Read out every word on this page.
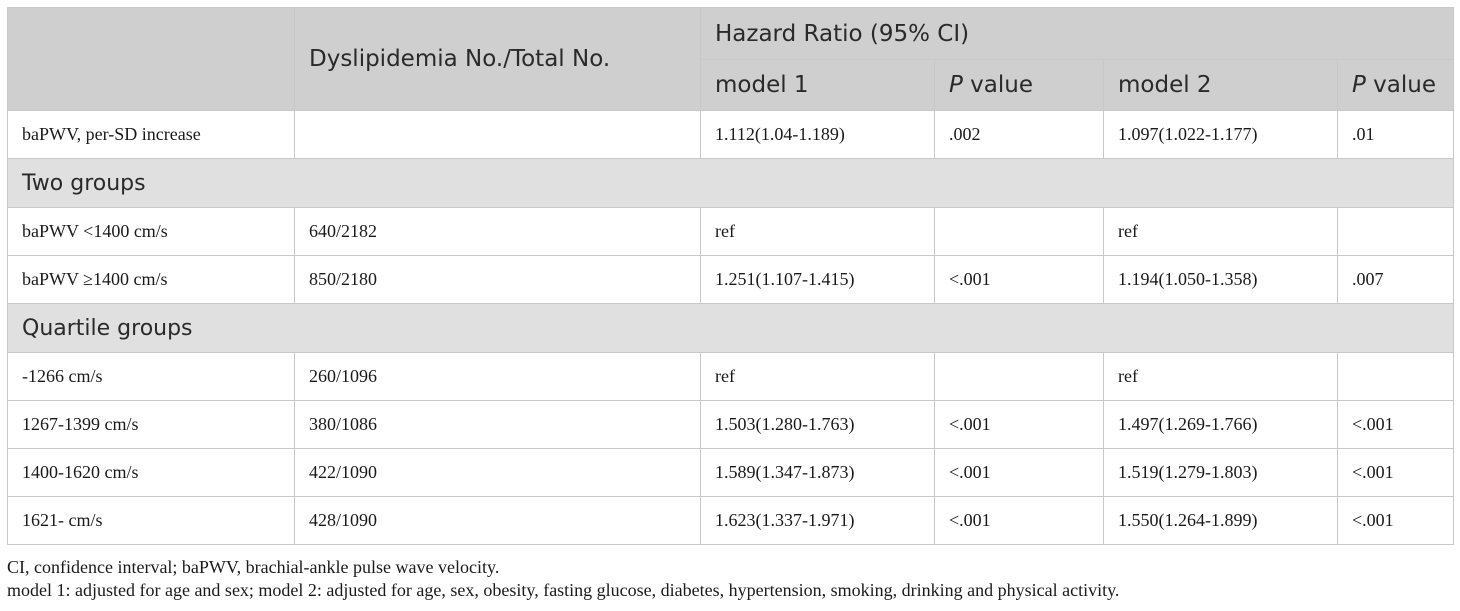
	Dyslipidemia No./Total No.	Hazard Ratio (95% CI)			
		model 1	P value	model 2	P value
baPWV, per-SD increase		1.112(1.04-1.189)	.002	1.097(1.022-1.177)	.01
Two groups					
baPWV <1400 cm/s	640/2182	ref		ref	
baPWV ≥1400 cm/s	850/2180	1.251(1.107-1.415)	<.001	1.194(1.050-1.358)	.007
Quartile groups					
-1266 cm/s	260/1096	ref		ref	
1267-1399 cm/s	380/1086	1.503(1.280-1.763)	<.001	1.497(1.269-1.766)	<.001
1400-1620 cm/s	422/1090	1.589(1.347-1.873)	<.001	1.519(1.279-1.803)	<.001
1621- cm/s	428/1090	1.623(1.337-1.971)	<.001	1.550(1.264-1.899)	<.001
CI, confidence interval; baPWV, brachial-ankle pulse wave velocity.
model 1: adjusted for age and sex; model 2: adjusted for age, sex, obesity, fasting glucose, diabetes, hypertension, smoking, drinking and physical activity.
